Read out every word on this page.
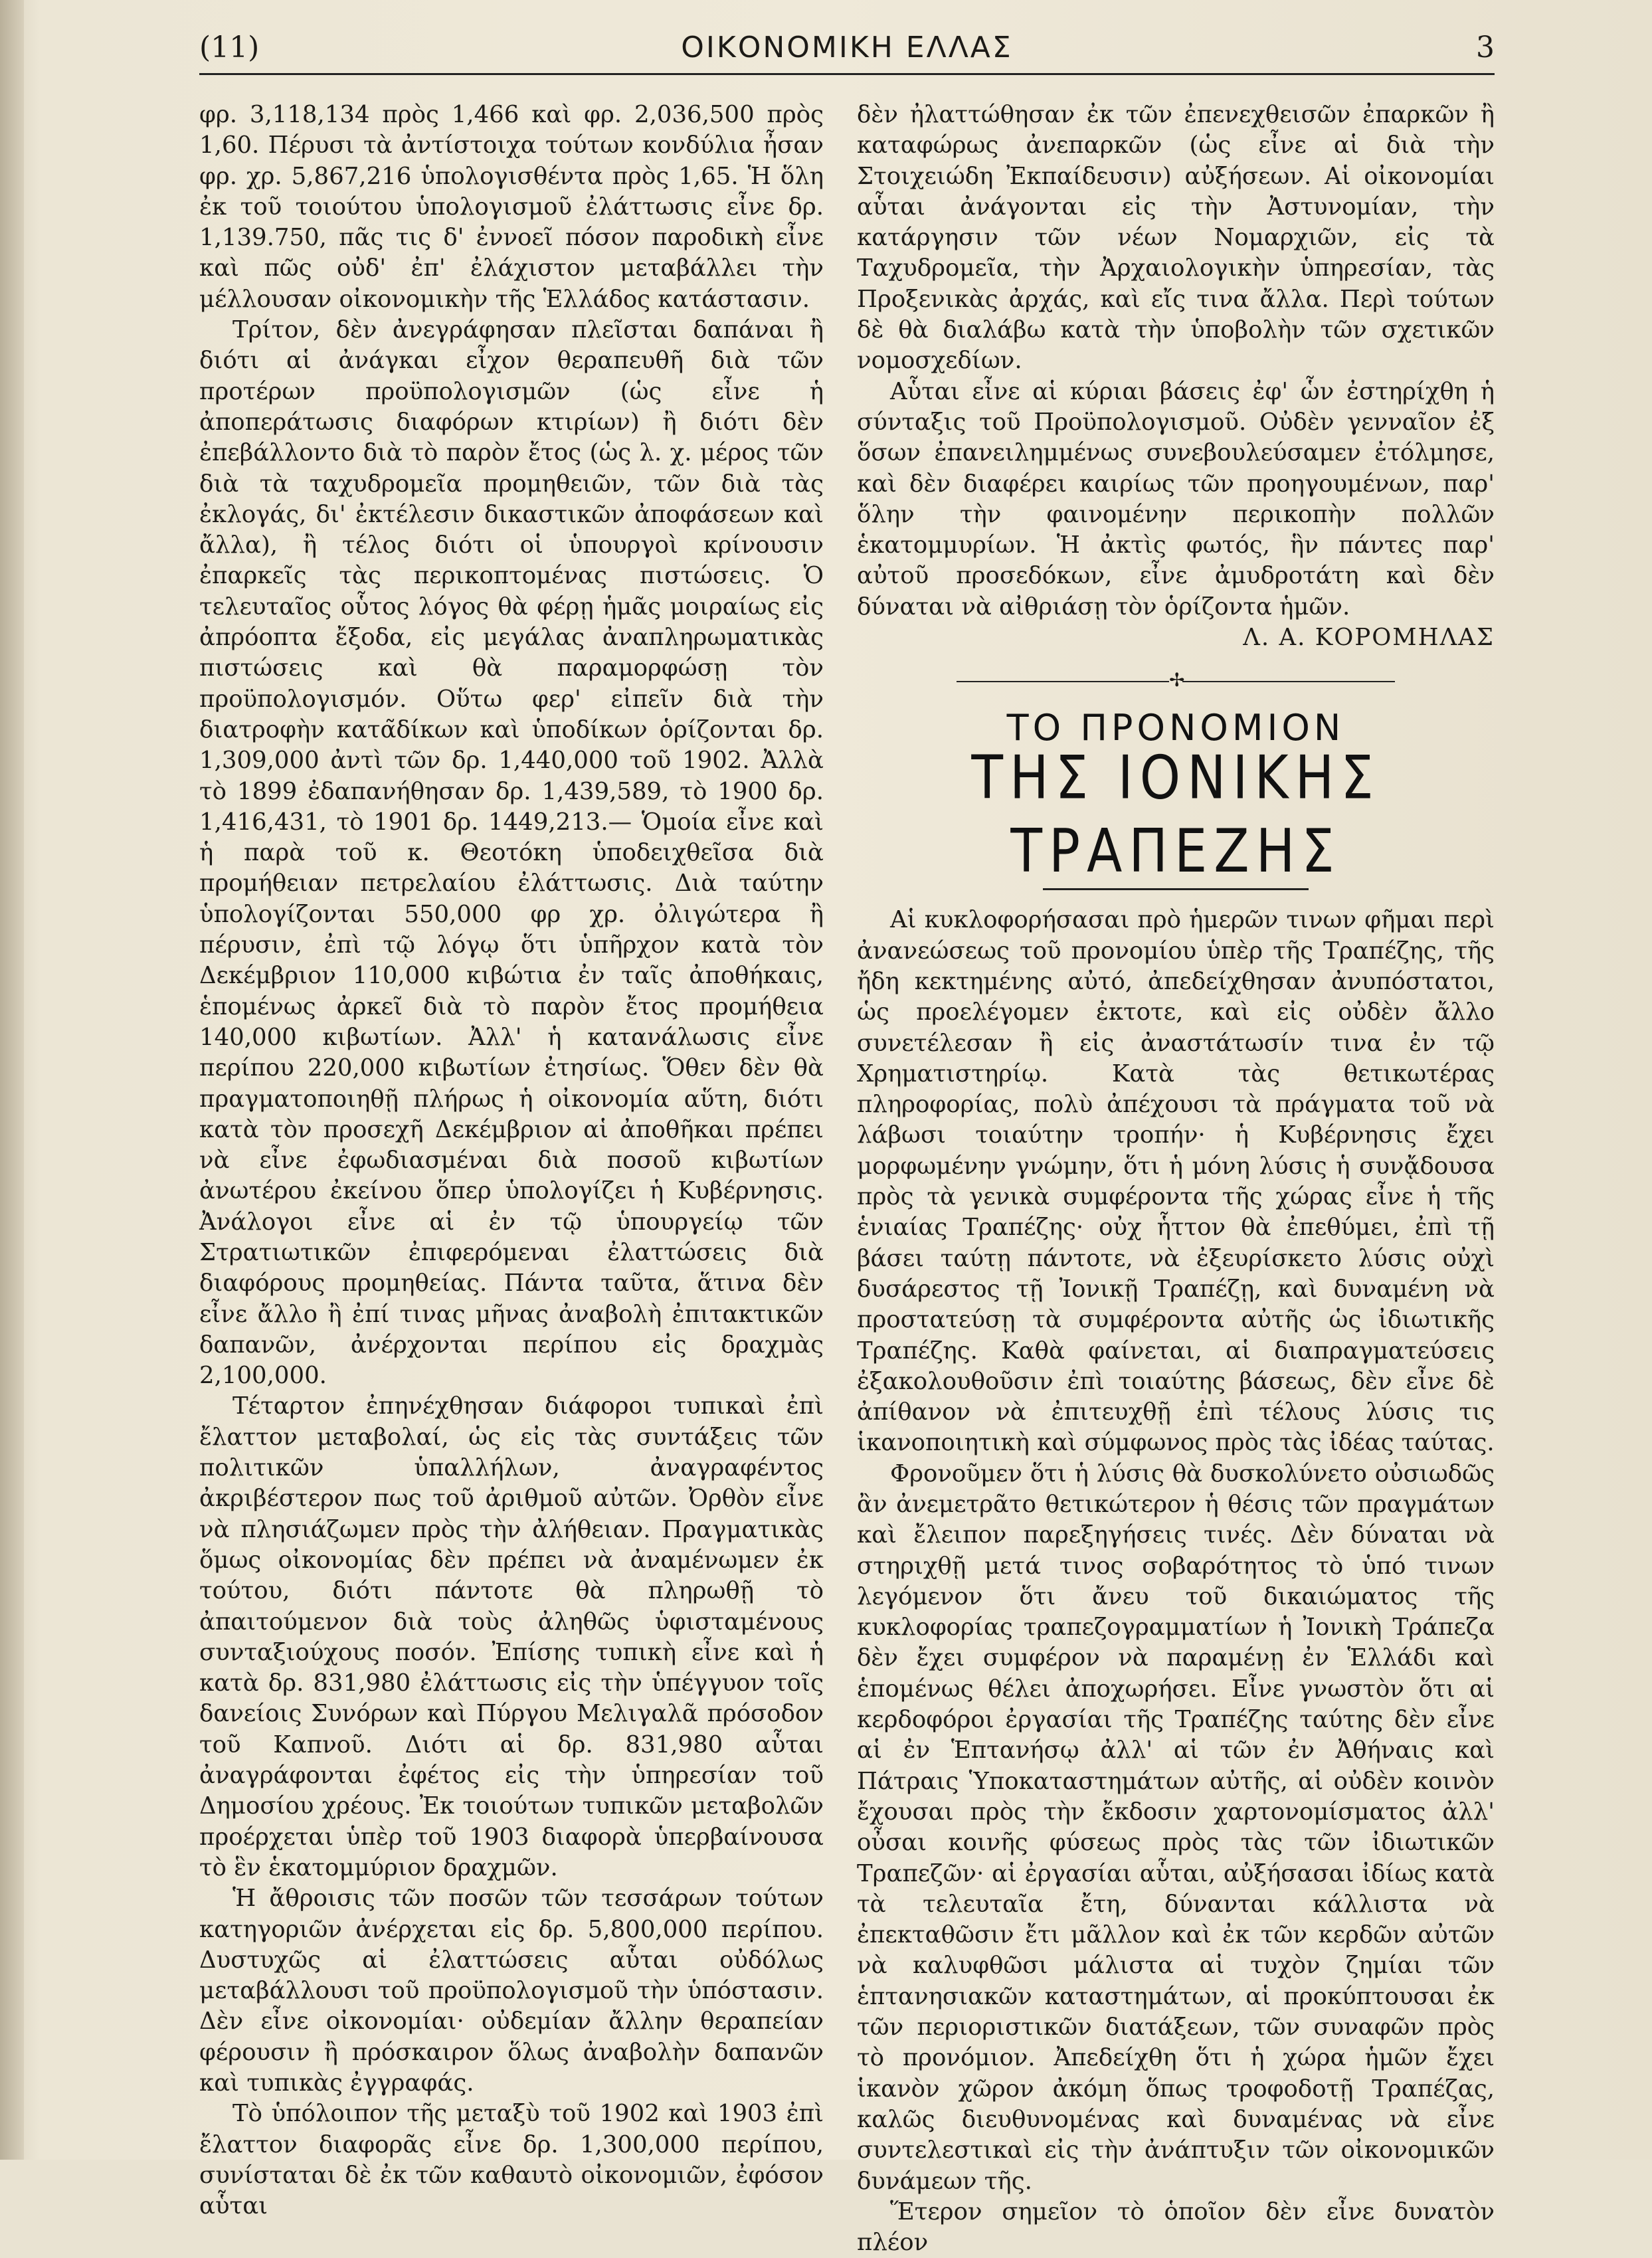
(11)	ΟΙΚΟΝΟΜΙΚΗ ΕΛΛΑΣ	3

φρ. 3,118,134 πρὸς 1,466 καὶ φρ. 2,036,500 πρὸς 1,60. Πέρυσι τὰ ἀντίστοιχα τούτων κονδύλια ἦσαν φρ. χρ. 5,867,216 ὑπολογισθέντα πρὸς 1,65. Ἡ ὅλη ἐκ τοῦ τοιούτου ὑπολογισμοῦ ἐλάττωσις εἶνε δρ. 1,139.750, πᾶς τις δ' ἐννοεῖ πόσον παροδικὴ εἶνε καὶ πῶς οὐδ' ἐπ' ἐλάχιστον μεταβάλλει τὴν μέλλουσαν οἰκονομικὴν τῆς Ἑλλάδος κατάστασιν.

Τρίτον, δὲν ἀνεγράφησαν πλεῖσται δαπάναι ἢ διότι αἱ ἀνάγκαι εἶχον θεραπευθῆ διὰ τῶν προτέρων προϋπολογισμῶν (ὡς εἶνε ἡ ἀποπεράτωσις διαφόρων κτιρίων) ἢ διότι δὲν ἐπεβάλλοντο διὰ τὸ παρὸν ἔτος (ὡς λ. χ. μέρος τῶν διὰ τὰ ταχυδρομεῖα προμηθειῶν, τῶν διὰ τὰς ἐκλογάς, δι' ἐκτέλεσιν δικαστικῶν ἀποφάσεων καὶ ἄλλα), ἢ τέλος διότι οἱ ὑπουργοὶ κρίνουσιν ἐπαρκεῖς τὰς περικοπτομένας πιστώσεις. Ὁ τελευταῖος οὗτος λόγος θὰ φέρῃ ἡμᾶς μοιραίως εἰς ἀπρόοπτα ἔξοδα, εἰς μεγάλας ἀναπληρωματικὰς πιστώσεις καὶ θὰ παραμορφώσῃ τὸν προϋπολογισμόν. Οὕτω φερ' εἰπεῖν διὰ τὴν διατροφὴν κατα̃δίκων καὶ ὑποδίκων ὁρίζονται δρ. 1,309,000 ἀντὶ τῶν δρ. 1,440,000 τοῦ 1902. Ἀλλὰ τὸ 1899 ἐδαπανήθησαν δρ. 1,439,589, τὸ 1900 δρ. 1,416,431, τὸ 1901 δρ. 1449,213.— Ὁμοία εἶνε καὶ ἡ παρὰ τοῦ κ. Θεοτόκη ὑποδειχθεῖσα διὰ προμήθειαν πετρελαίου ἐλάττωσις. Διὰ ταύτην ὑπολογίζονται 550,000 φρ χρ. ὀλιγώτερα ἢ πέρυσιν, ἐπὶ τῷ λόγῳ ὅτι ὑπῆρχον κατὰ τὸν Δεκέμβριον 110,000 κιβώτια ἐν ταῖς ἀποθήκαις, ἑπομένως ἀρκεῖ διὰ τὸ παρὸν ἔτος προμήθεια 140,000 κιβωτίων. Ἀλλ' ἡ κατανάλωσις εἶνε περίπου 220,000 κιβωτίων ἐτησίως. Ὅθεν δὲν θὰ πραγματοποιηθῇ πλήρως ἡ οἰκονομία αὕτη, διότι κατὰ τὸν προσεχῆ Δεκέμβριον αἱ ἀποθῆκαι πρέπει νὰ εἶνε ἐφωδιασμέναι διὰ ποσοῦ κιβωτίων ἀνωτέρου ἐκείνου ὅπερ ὑπολογίζει ἡ Κυβέρνησις. Ἀνάλογοι εἶνε αἱ ἐν τῷ ὑπουργείῳ τῶν Στρατιωτικῶν ἐπιφερόμεναι ἐλαττώσεις διὰ διαφόρους προμηθείας. Πάντα ταῦτα, ἅτινα δὲν εἶνε ἄλλο ἢ ἐπί τινας μῆνας ἀναβολὴ ἐπιτακτικῶν δαπανῶν, ἀνέρχονται περίπου εἰς δραχμὰς 2,100,000.

Τέταρτον ἐπηνέχθησαν διάφοροι τυπικαὶ ἐπὶ ἔλαττον μεταβολαί, ὡς εἰς τὰς συντάξεις τῶν πολιτικῶν ὑπαλλήλων, ἀναγραφέντος ἀκριβέστερον πως τοῦ ἀριθμοῦ αὐτῶν. Ὀρθὸν εἶνε νὰ πλησιάζωμεν πρὸς τὴν ἀλήθειαν. Πραγματικὰς ὅμως οἰκονομίας δὲν πρέπει νὰ ἀναμένωμεν ἐκ τούτου, διότι πάντοτε θὰ πληρωθῇ τὸ ἀπαιτούμενον διὰ τοὺς ἀληθῶς ὑφισταμένους συνταξιούχους ποσόν. Ἐπίσης τυπικὴ εἶνε καὶ ἡ κατὰ δρ. 831,980 ἐλάττωσις εἰς τὴν ὑπέγγυον τοῖς δανείοις Συνόρων καὶ Πύργου Μελιγαλᾶ πρόσοδον τοῦ Καπνοῦ. Διότι αἱ δρ. 831,980 αὗται ἀναγράφονται ἐφέτος εἰς τὴν ὑπηρεσίαν τοῦ Δημοσίου χρέους. Ἐκ τοιούτων τυπικῶν μεταβολῶν προέρχεται ὑπὲρ τοῦ 1903 διαφορὰ ὑπερβαίνουσα τὸ ἓν ἑκατομμύριον δραχμῶν.

Ἡ ἄθροισις τῶν ποσῶν τῶν τεσσάρων τούτων κατηγοριῶν ἀνέρχεται εἰς δρ. 5,800,000 περίπου. Δυστυχῶς αἱ ἐλαττώσεις αὗται οὐδόλως μεταβάλλουσι τοῦ προϋπολογισμοῦ τὴν ὑπόστασιν. Δὲν εἶνε οἰκονομίαι· οὐδεμίαν ἄλλην θεραπείαν φέρουσιν ἢ πρόσκαιρον ὅλως ἀναβολὴν δαπανῶν καὶ τυπικὰς ἐγγραφάς.

Τὸ ὑπόλοιπον τῆς μεταξὺ τοῦ 1902 καὶ 1903 ἐπὶ ἔλαττον διαφορᾶς εἶνε δρ. 1,300,000 περίπου, συνίσταται δὲ ἐκ τῶν καθαυτὸ οἰκονομιῶν, ἐφόσον αὗται

δὲν ἠλαττώθησαν ἐκ τῶν ἐπενεχθεισῶν ἐπαρκῶν ἢ καταφώρως ἀνεπαρκῶν (ὡς εἶνε αἱ διὰ τὴν Στοιχειώδη Ἐκπαίδευσιν) αὐξήσεων. Αἱ οἰκονομίαι αὗται ἀνάγονται εἰς τὴν Ἀστυνομίαν, τὴν κατάργησιν τῶν νέων Νομαρχιῶν, εἰς τὰ Ταχυδρομεῖα, τὴν Ἀρχαιολογικὴν ὑπηρεσίαν, τὰς Προξενικὰς ἀρχάς, καὶ εἴς τινα ἄλλα. Περὶ τούτων δὲ θὰ διαλάβω κατὰ τὴν ὑποβολὴν τῶν σχετικῶν νομοσχεδίων.

Αὗται εἶνε αἱ κύριαι βάσεις ἐφ' ὧν ἐστηρίχθη ἡ σύνταξις τοῦ Προϋπολογισμοῦ. Οὐδὲν γενναῖον ἐξ ὅσων ἐπανειλημμένως συνεβουλεύσαμεν ἐτόλμησε, καὶ δὲν διαφέρει καιρίως τῶν προηγουμένων, παρ' ὅλην τὴν φαινομένην περικοπὴν πολλῶν ἑκατομμυρίων. Ἡ ἀκτὶς φωτός, ἣν πάντες παρ' αὐτοῦ προσεδόκων, εἶνε ἀμυδροτάτη καὶ δὲν δύναται νὰ αἰθριάσῃ τὸν ὁρίζοντα ἡμῶν.

Λ. Α. ΚΟΡΟΜΗΛΑΣ

✢

ΤΟ ΠΡΟΝΟΜΙΟΝ

ΤΗΣ ΙΟΝΙΚΗΣ ΤΡΑΠΕΖΗΣ

Αἱ κυκλοφορήσασαι πρὸ ἡμερῶν τινων φῆμαι περὶ ἀνανεώσεως τοῦ προνομίου ὑπὲρ τῆς Τραπέζης, τῆς ἤδη κεκτημένης αὐτό, ἀπεδείχθησαν ἀνυπόστατοι, ὡς προελέγομεν ἐκτοτε, καὶ εἰς οὐδὲν ἄλλο συνετέλεσαν ἢ εἰς ἀναστάτωσίν τινα ἐν τῷ Χρηματιστηρίῳ. Κατὰ τὰς θετικωτέρας πληροφορίας, πολὺ ἀπέχουσι τὰ πράγματα τοῦ νὰ λάβωσι τοιαύτην τροπήν· ἡ Κυβέρνησις ἔχει μορφωμένην γνώμην, ὅτι ἡ μόνη λύσις ἡ συνᾄδουσα πρὸς τὰ γενικὰ συμφέροντα τῆς χώρας εἶνε ἡ τῆς ἑνιαίας Τραπέζης· οὐχ ἧττον θὰ ἐπεθύμει, ἐπὶ τῇ βάσει ταύτῃ πάντοτε, νὰ ἐξευρίσκετο λύσις οὐχὶ δυσάρεστος τῇ Ἰονικῇ Τραπέζῃ, καὶ δυναμένη νὰ προστατεύσῃ τὰ συμφέροντα αὐτῆς ὡς ἰδιωτικῆς Τραπέζης. Καθὰ φαίνεται, αἱ διαπραγματεύσεις ἐξακολουθοῦσιν ἐπὶ τοιαύτης βάσεως, δὲν εἶνε δὲ ἀπίθανον νὰ ἐπιτευχθῇ ἐπὶ τέλους λύσις τις ἱκανοποιητικὴ καὶ σύμφωνος πρὸς τὰς ἰδέας ταύτας.

Φρονοῦμεν ὅτι ἡ λύσις θὰ δυσκολύνετο οὐσιωδῶς ἂν ἀνεμετρᾶτο θετικώτερον ἡ θέσις τῶν πραγμάτων καὶ ἔλειπον παρεξηγήσεις τινές. Δὲν δύναται νὰ στηριχθῇ μετά τινος σοβαρότητος τὸ ὑπό τινων λεγόμενον ὅτι ἄνευ τοῦ δικαιώματος τῆς κυκλοφορίας τραπεζογραμματίων ἡ Ἰονικὴ Τράπεζα δὲν ἔχει συμφέρον νὰ παραμένῃ ἐν Ἑλλάδι καὶ ἑπομένως θέλει ἀποχωρήσει. Εἶνε γνωστὸν ὅτι αἱ κερδοφόροι ἐργασίαι τῆς Τραπέζης ταύτης δὲν εἶνε αἱ ἐν Ἑπτανήσῳ ἀλλ' αἱ τῶν ἐν Ἀθήναις καὶ Πάτραις Ὑποκαταστημάτων αὐτῆς, αἱ οὐδὲν κοινὸν ἔχουσαι πρὸς τὴν ἔκδοσιν χαρτονομίσματος ἀλλ' οὖσαι κοινῆς φύσεως πρὸς τὰς τῶν ἰδιωτικῶν Τραπεζῶν· αἱ ἐργασίαι αὗται, αὐξήσασαι ἰδίως κατὰ τὰ τελευταῖα ἔτη, δύνανται κάλλιστα νὰ ἐπεκταθῶσιν ἔτι μᾶλλον καὶ ἐκ τῶν κερδῶν αὐτῶν νὰ καλυφθῶσι μάλιστα αἱ τυχὸν ζημίαι τῶν ἑπτανησιακῶν καταστημάτων, αἱ προκύπτουσαι ἐκ τῶν περιοριστικῶν διατάξεων, τῶν συναφῶν πρὸς τὸ προνόμιον. Ἀπεδείχθη ὅτι ἡ χώρα ἡμῶν ἔχει ἱκανὸν χῶρον ἀκόμη ὅπως τροφοδοτῇ Τραπέζας, καλῶς διευθυνομένας καὶ δυναμένας νὰ εἶνε συντελεστικαὶ εἰς τὴν ἀνάπτυξιν τῶν οἰκονομικῶν δυνάμεων τῆς.

Ἕτερον σημεῖον τὸ ὁποῖον δὲν εἶνε δυνατὸν πλέον
